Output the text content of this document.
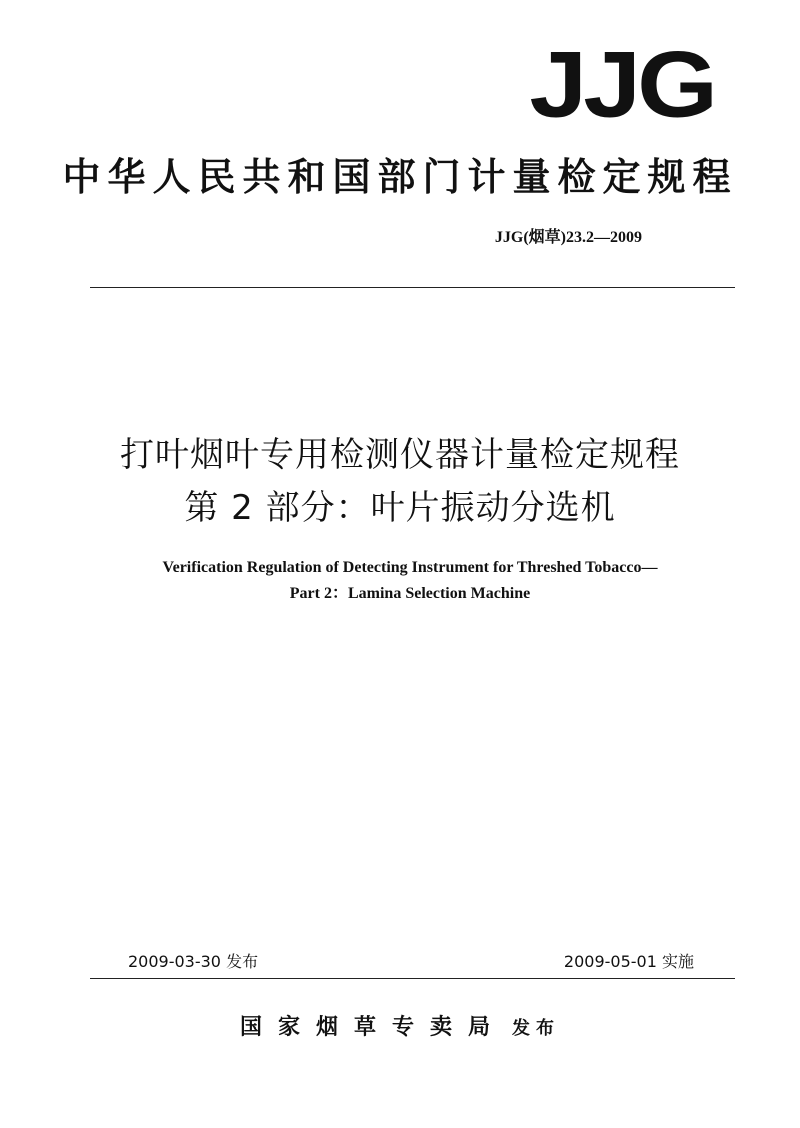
JJG
中华人民共和国部门计量检定规程
JJG(烟草)23.2—2009
打叶烟叶专用检测仪器计量检定规程
第 2 部分：叶片振动分选机
Verification Regulation of Detecting Instrument for Threshed Tobacco—
Part 2：Lamina Selection Machine
2009-03-30 发布	2009-05-01 实施
国家烟草专卖局 发布
